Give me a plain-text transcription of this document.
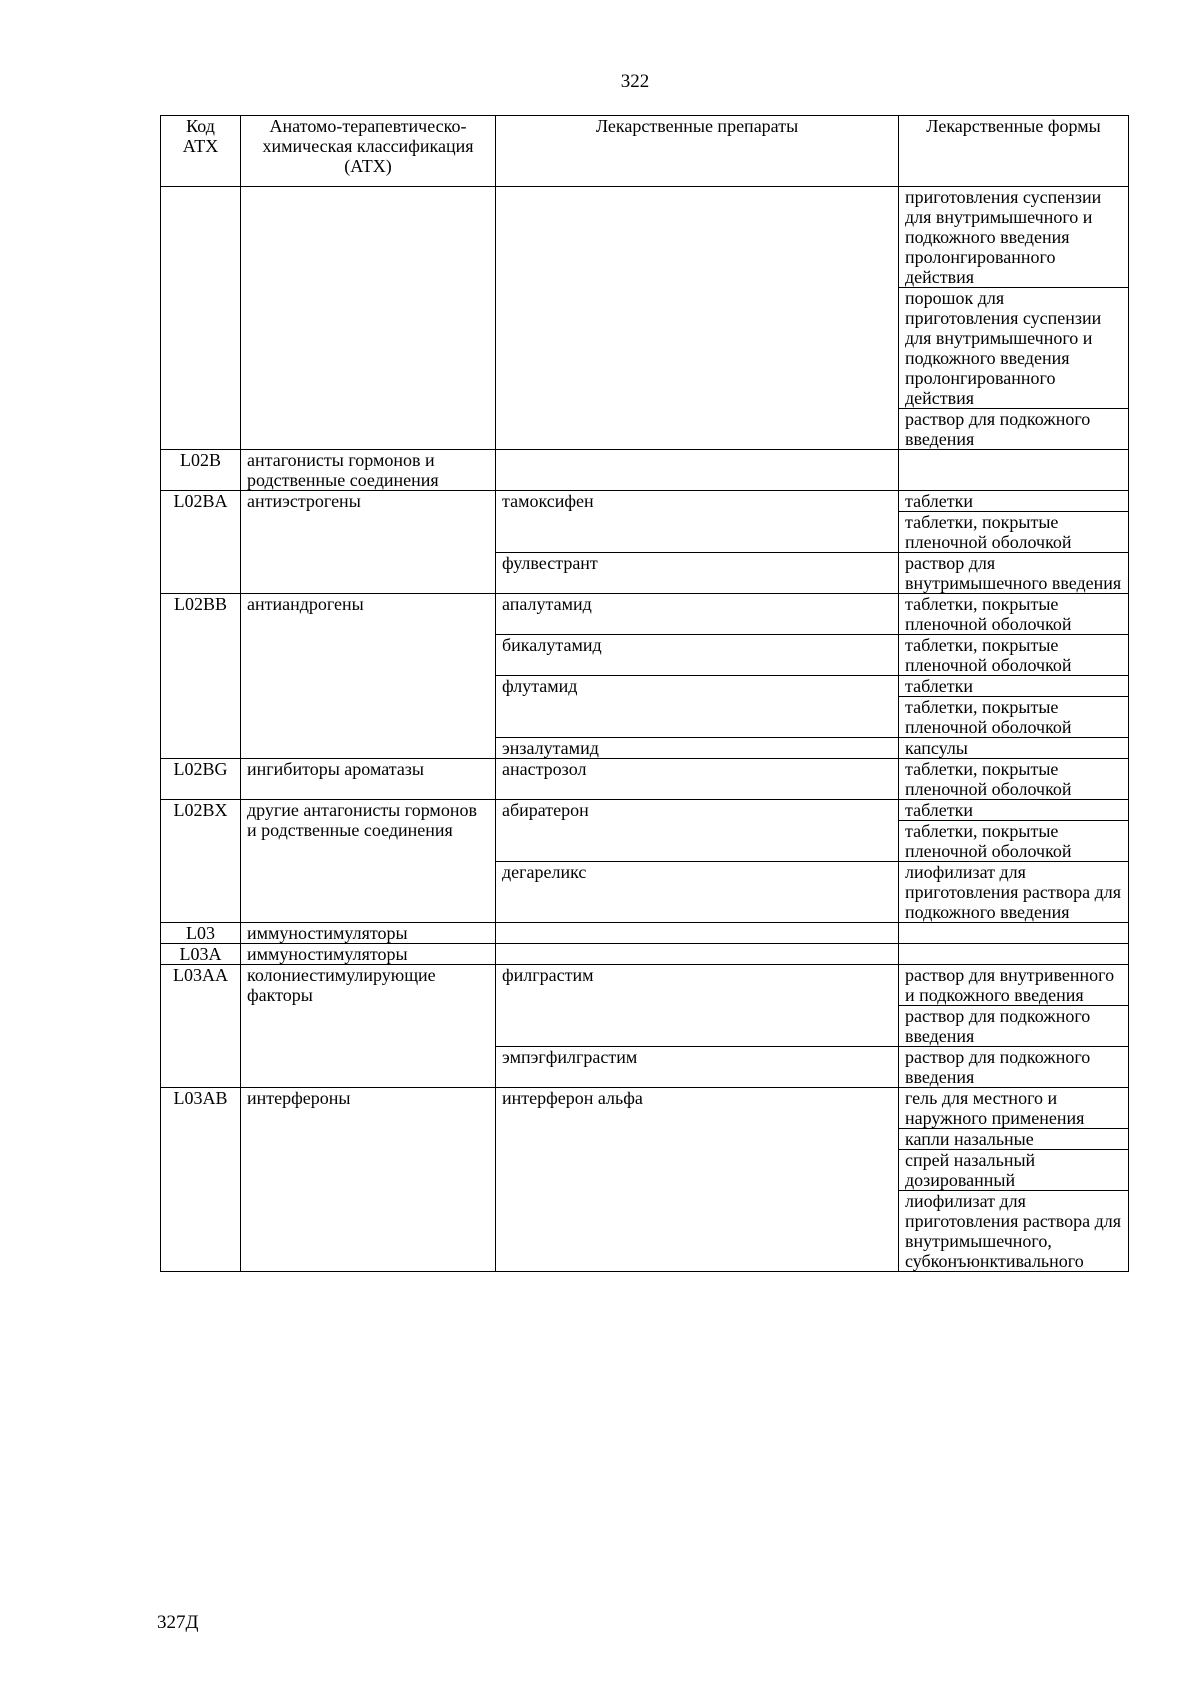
322
Код АТХ	Анатомо-терапевтическо-химическая классификация (АТХ)	Лекарственные препараты	Лекарственные формы
			приготовления суспензии для внутримышечного и подкожного введения пролонгированного действия
			порошок для приготовления суспензии для внутримышечного и подкожного введения пролонгированного действия
			раствор для подкожного введения
L02B	антагонисты гормонов и родственные соединения		
L02BA	антиэстрогены	тамоксифен	таблетки
			таблетки, покрытые пленочной оболочкой
		фулвестрант	раствор для внутримышечного введения
L02BB	антиандрогены	апалутамид	таблетки, покрытые пленочной оболочкой
		бикалутамид	таблетки, покрытые пленочной оболочкой
		флутамид	таблетки
			таблетки, покрытые пленочной оболочкой
		энзалутамид	капсулы
L02BG	ингибиторы ароматазы	анастрозол	таблетки, покрытые пленочной оболочкой
L02BX	другие антагонисты гормонов и родственные соединения	абиратерон	таблетки
			таблетки, покрытые пленочной оболочкой
		дегареликс	лиофилизат для приготовления раствора для подкожного введения
L03	иммуностимуляторы		
L03A	иммуностимуляторы		
L03AA	колониестимулирующие факторы	филграстим	раствор для внутривенного и подкожного введения
			раствор для подкожного введения
		эмпэгфилграстим	раствор для подкожного введения
L03AB	интерфероны	интерферон альфа	гель для местного и наружного применения
			капли назальные
			спрей назальный дозированный
			лиофилизат для приготовления раствора для внутримышечного, субконъюнктивального
327Д
